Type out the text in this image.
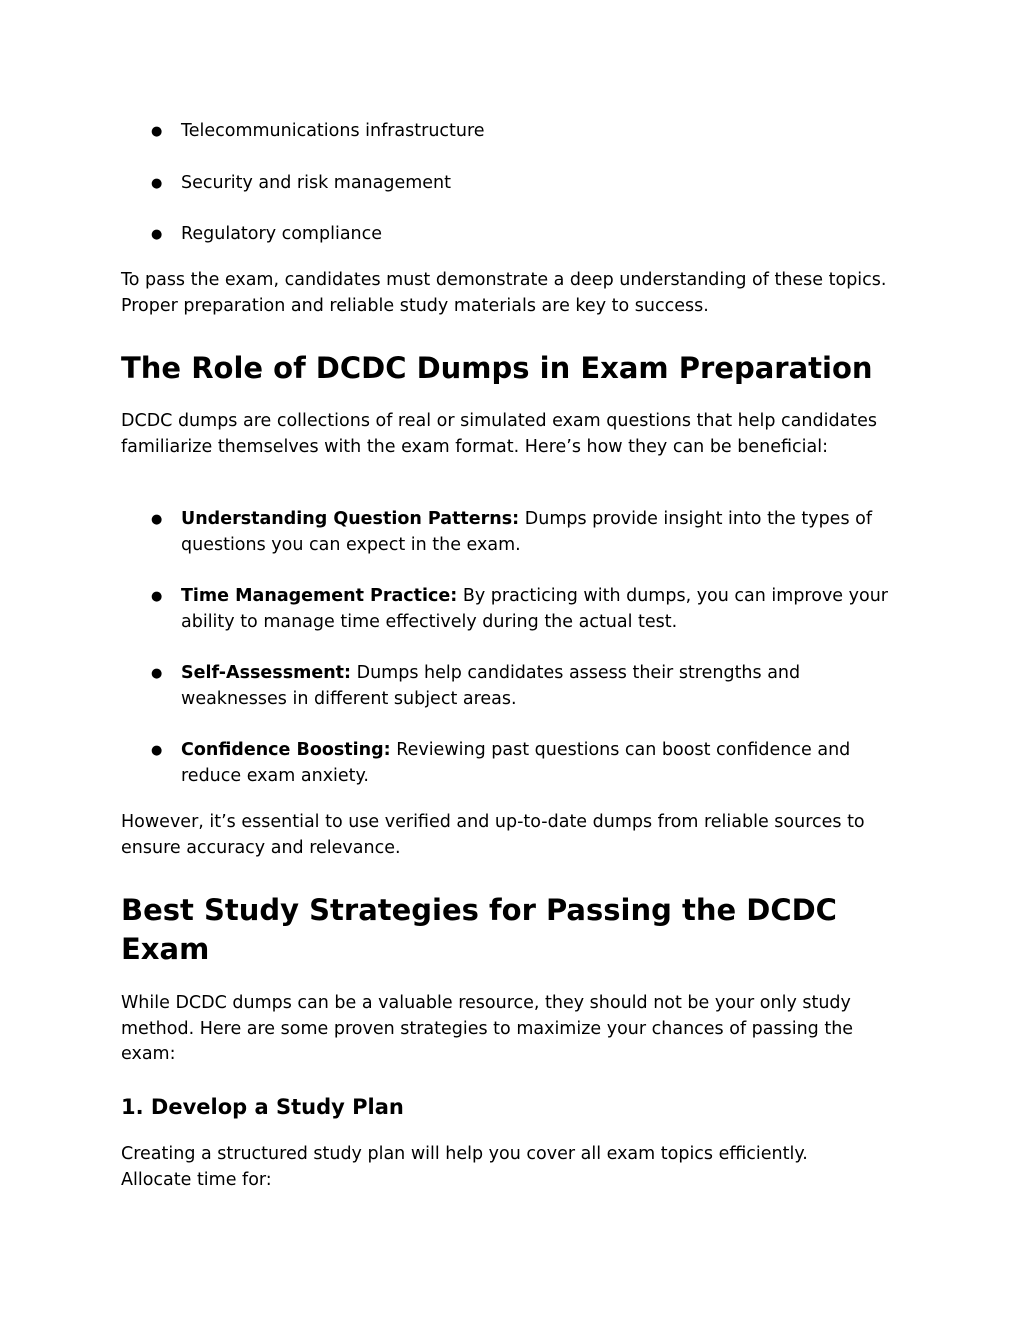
● Telecommunications infrastructure
● Security and risk management
● Regulatory compliance

To pass the exam, candidates must demonstrate a deep understanding of these topics. Proper preparation and reliable study materials are key to success.

The Role of DCDC Dumps in Exam Preparation

DCDC dumps are collections of real or simulated exam questions that help candidates familiarize themselves with the exam format. Here’s how they can be beneficial:

● Understanding Question Patterns: Dumps provide insight into the types of questions you can expect in the exam.
● Time Management Practice: By practicing with dumps, you can improve your ability to manage time effectively during the actual test.
● Self-Assessment: Dumps help candidates assess their strengths and weaknesses in different subject areas.
● Confidence Boosting: Reviewing past questions can boost confidence and reduce exam anxiety.

However, it’s essential to use verified and up-to-date dumps from reliable sources to ensure accuracy and relevance.

Best Study Strategies for Passing the DCDC Exam

While DCDC dumps can be a valuable resource, they should not be your only study method. Here are some proven strategies to maximize your chances of passing the exam:

1. Develop a Study Plan

Creating a structured study plan will help you cover all exam topics efficiently. Allocate time for:
